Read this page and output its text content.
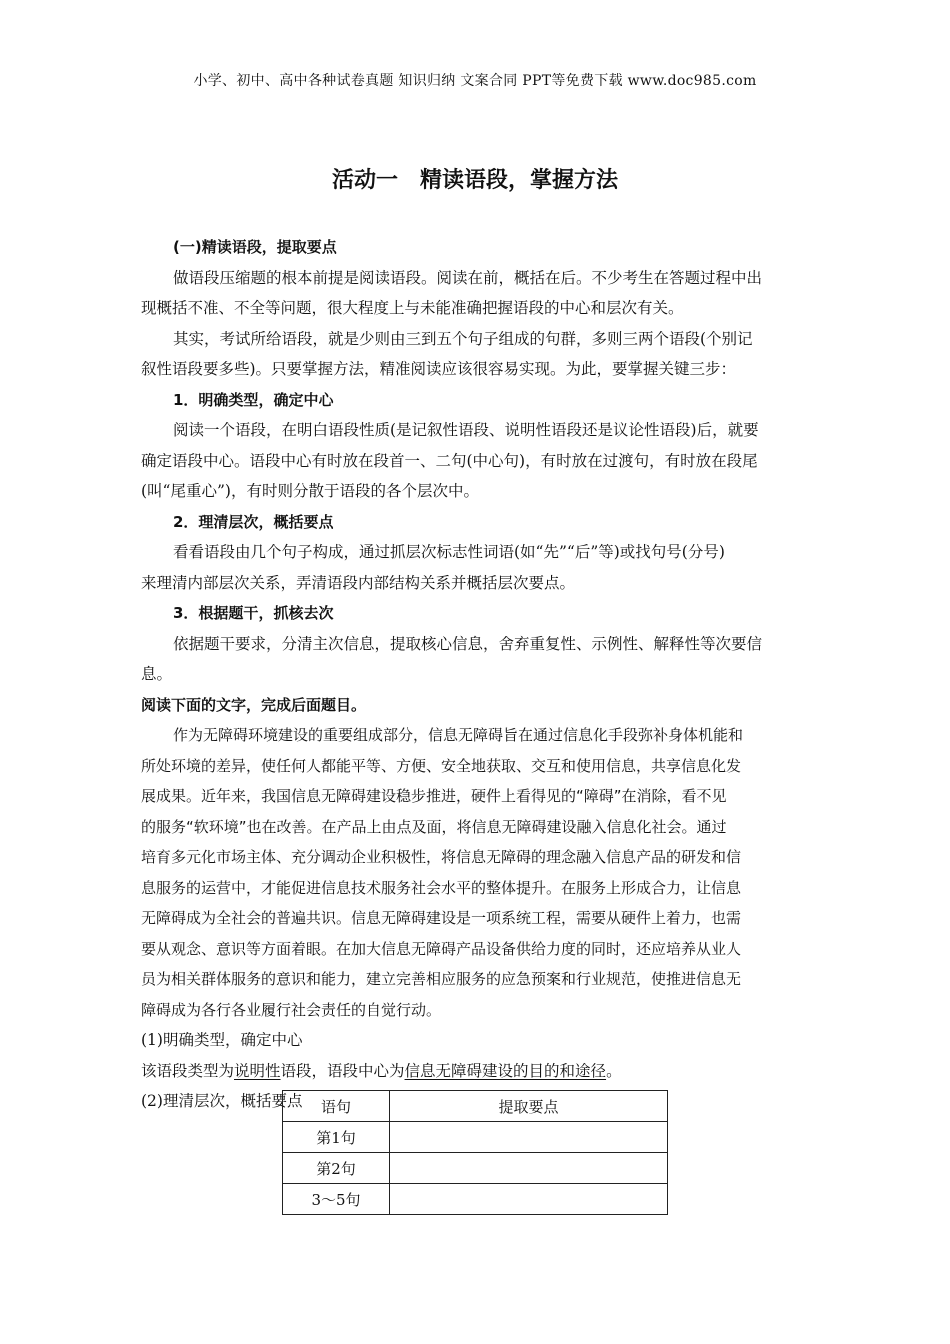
小学、初中、高中各种试卷真题 知识归纳 文案合同 PPT等免费下载 www.doc985.com
活动一　精读语段，掌握方法
(一)精读语段，提取要点
做语段压缩题的根本前提是阅读语段。阅读在前，概括在后。不少考生在答题过程中出
现概括不准、不全等问题，很大程度上与未能准确把握语段的中心和层次有关。
其实，考试所给语段，就是少则由三到五个句子组成的句群，多则三两个语段(个别记
叙性语段要多些)。只要掌握方法，精准阅读应该很容易实现。为此，要掌握关键三步：
1．明确类型，确定中心
阅读一个语段，在明白语段性质(是记叙性语段、说明性语段还是议论性语段)后，就要
确定语段中心。语段中心有时放在段首一、二句(中心句)，有时放在过渡句，有时放在段尾
(叫“尾重心”)，有时则分散于语段的各个层次中。
2．理清层次，概括要点
看看语段由几个句子构成，通过抓层次标志性词语(如“先”“后”等)或找句号(分号)
来理清内部层次关系，弄清语段内部结构关系并概括层次要点。
3．根据题干，抓核去次
依据题干要求，分清主次信息，提取核心信息，舍弃重复性、示例性、解释性等次要信
息。
阅读下面的文字，完成后面题目。
作为无障碍环境建设的重要组成部分，信息无障碍旨在通过信息化手段弥补身体机能和
所处环境的差异，使任何人都能平等、方便、安全地获取、交互和使用信息，共享信息化发
展成果。近年来，我国信息无障碍建设稳步推进，硬件上看得见的“障碍”在消除，看不见
的服务“软环境”也在改善。在产品上由点及面，将信息无障碍建设融入信息化社会。通过
培育多元化市场主体、充分调动企业积极性，将信息无障碍的理念融入信息产品的研发和信
息服务的运营中，才能促进信息技术服务社会水平的整体提升。在服务上形成合力，让信息
无障碍成为全社会的普遍共识。信息无障碍建设是一项系统工程，需要从硬件上着力，也需
要从观念、意识等方面着眼。在加大信息无障碍产品设备供给力度的同时，还应培养从业人
员为相关群体服务的意识和能力，建立完善相应服务的应急预案和行业规范，使推进信息无
障碍成为各行各业履行社会责任的自觉行动。
(1)明确类型，确定中心
该语段类型为说明性语段，语段中心为信息无障碍建设的目的和途径。
(2)理清层次，概括要点	语句	提取要点
第1句	
第2句	
3～5句	
